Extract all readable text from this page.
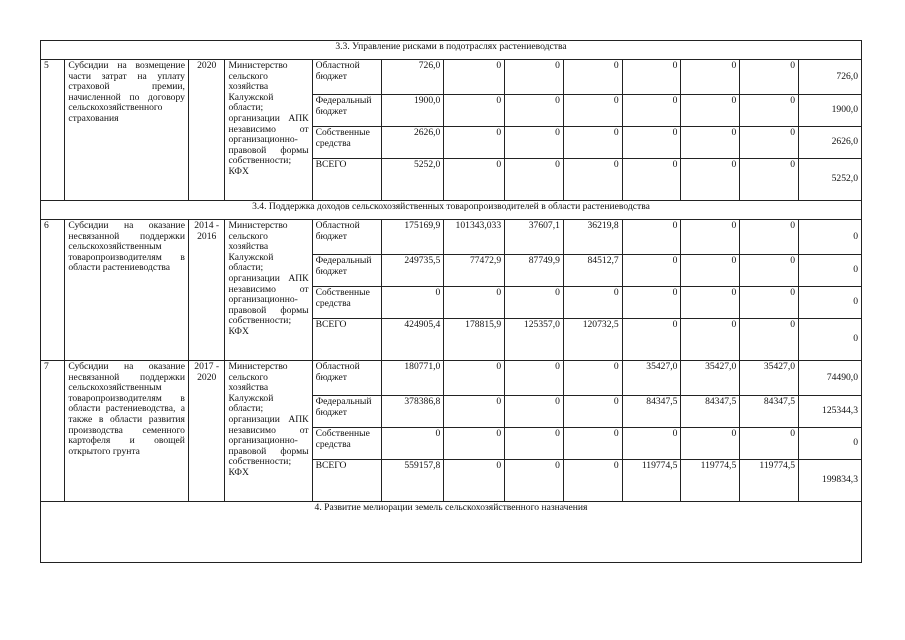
3.3. Управление рисками в подотраслях растениеводства												
5	Субсидии на возмещение части затрат на уплату страховой премии, начисленной по договору сельскохозяйственного страхования	2020	Министерство сельского хозяйства Калужской области; организации АПК независимо от организационно-правовой формы собственности; КФХ	Областной бюджет	726,0	0	0	0	0	0	0	726,0
				Федеральный бюджет	1900,0	0	0	0	0	0	0	1900,0
				Собственные средства	2626,0	0	0	0	0	0	0	2626,0
				ВСЕГО	5252,0	0	0	0	0	0	0	5252,0
3.4. Поддержка доходов сельскохозяйственных товаропроизводителей в области растениеводства												
6	Субсидии на оказание несвязанной поддержки сельскохозяйственным товаропроизводителям в области растениеводства	2014 - 2016	Министерство сельского хозяйства Калужской области; организации АПК независимо от организационно-правовой формы собственности; КФХ	Областной бюджет	175169,9	101343,033	37607,1	36219,8	0	0	0	0
				Федеральный бюджет	249735,5	77472,9	87749,9	84512,7	0	0	0	0
				Собственные средства	0	0	0	0	0	0	0	0
				ВСЕГО	424905,4	178815,9	125357,0	120732,5	0	0	0	0
7	Субсидии на оказание несвязанной поддержки сельскохозяйственным товаропроизводителям в области растениеводства, а также в области развития производства семенного картофеля и овощей открытого грунта	2017 - 2020	Министерство сельского хозяйства Калужской области; организации АПК независимо от организационно-правовой формы собственности; КФХ	Областной бюджет	180771,0	0	0	0	35427,0	35427,0	35427,0	74490,0
				Федеральный бюджет	378386,8	0	0	0	84347,5	84347,5	84347,5	125344,3
				Собственные средства	0	0	0	0	0	0	0	0
				ВСЕГО	559157,8	0	0	0	119774,5	119774,5	119774,5	199834,3
4. Развитие мелиорации земель сельскохозяйственного назначения												
